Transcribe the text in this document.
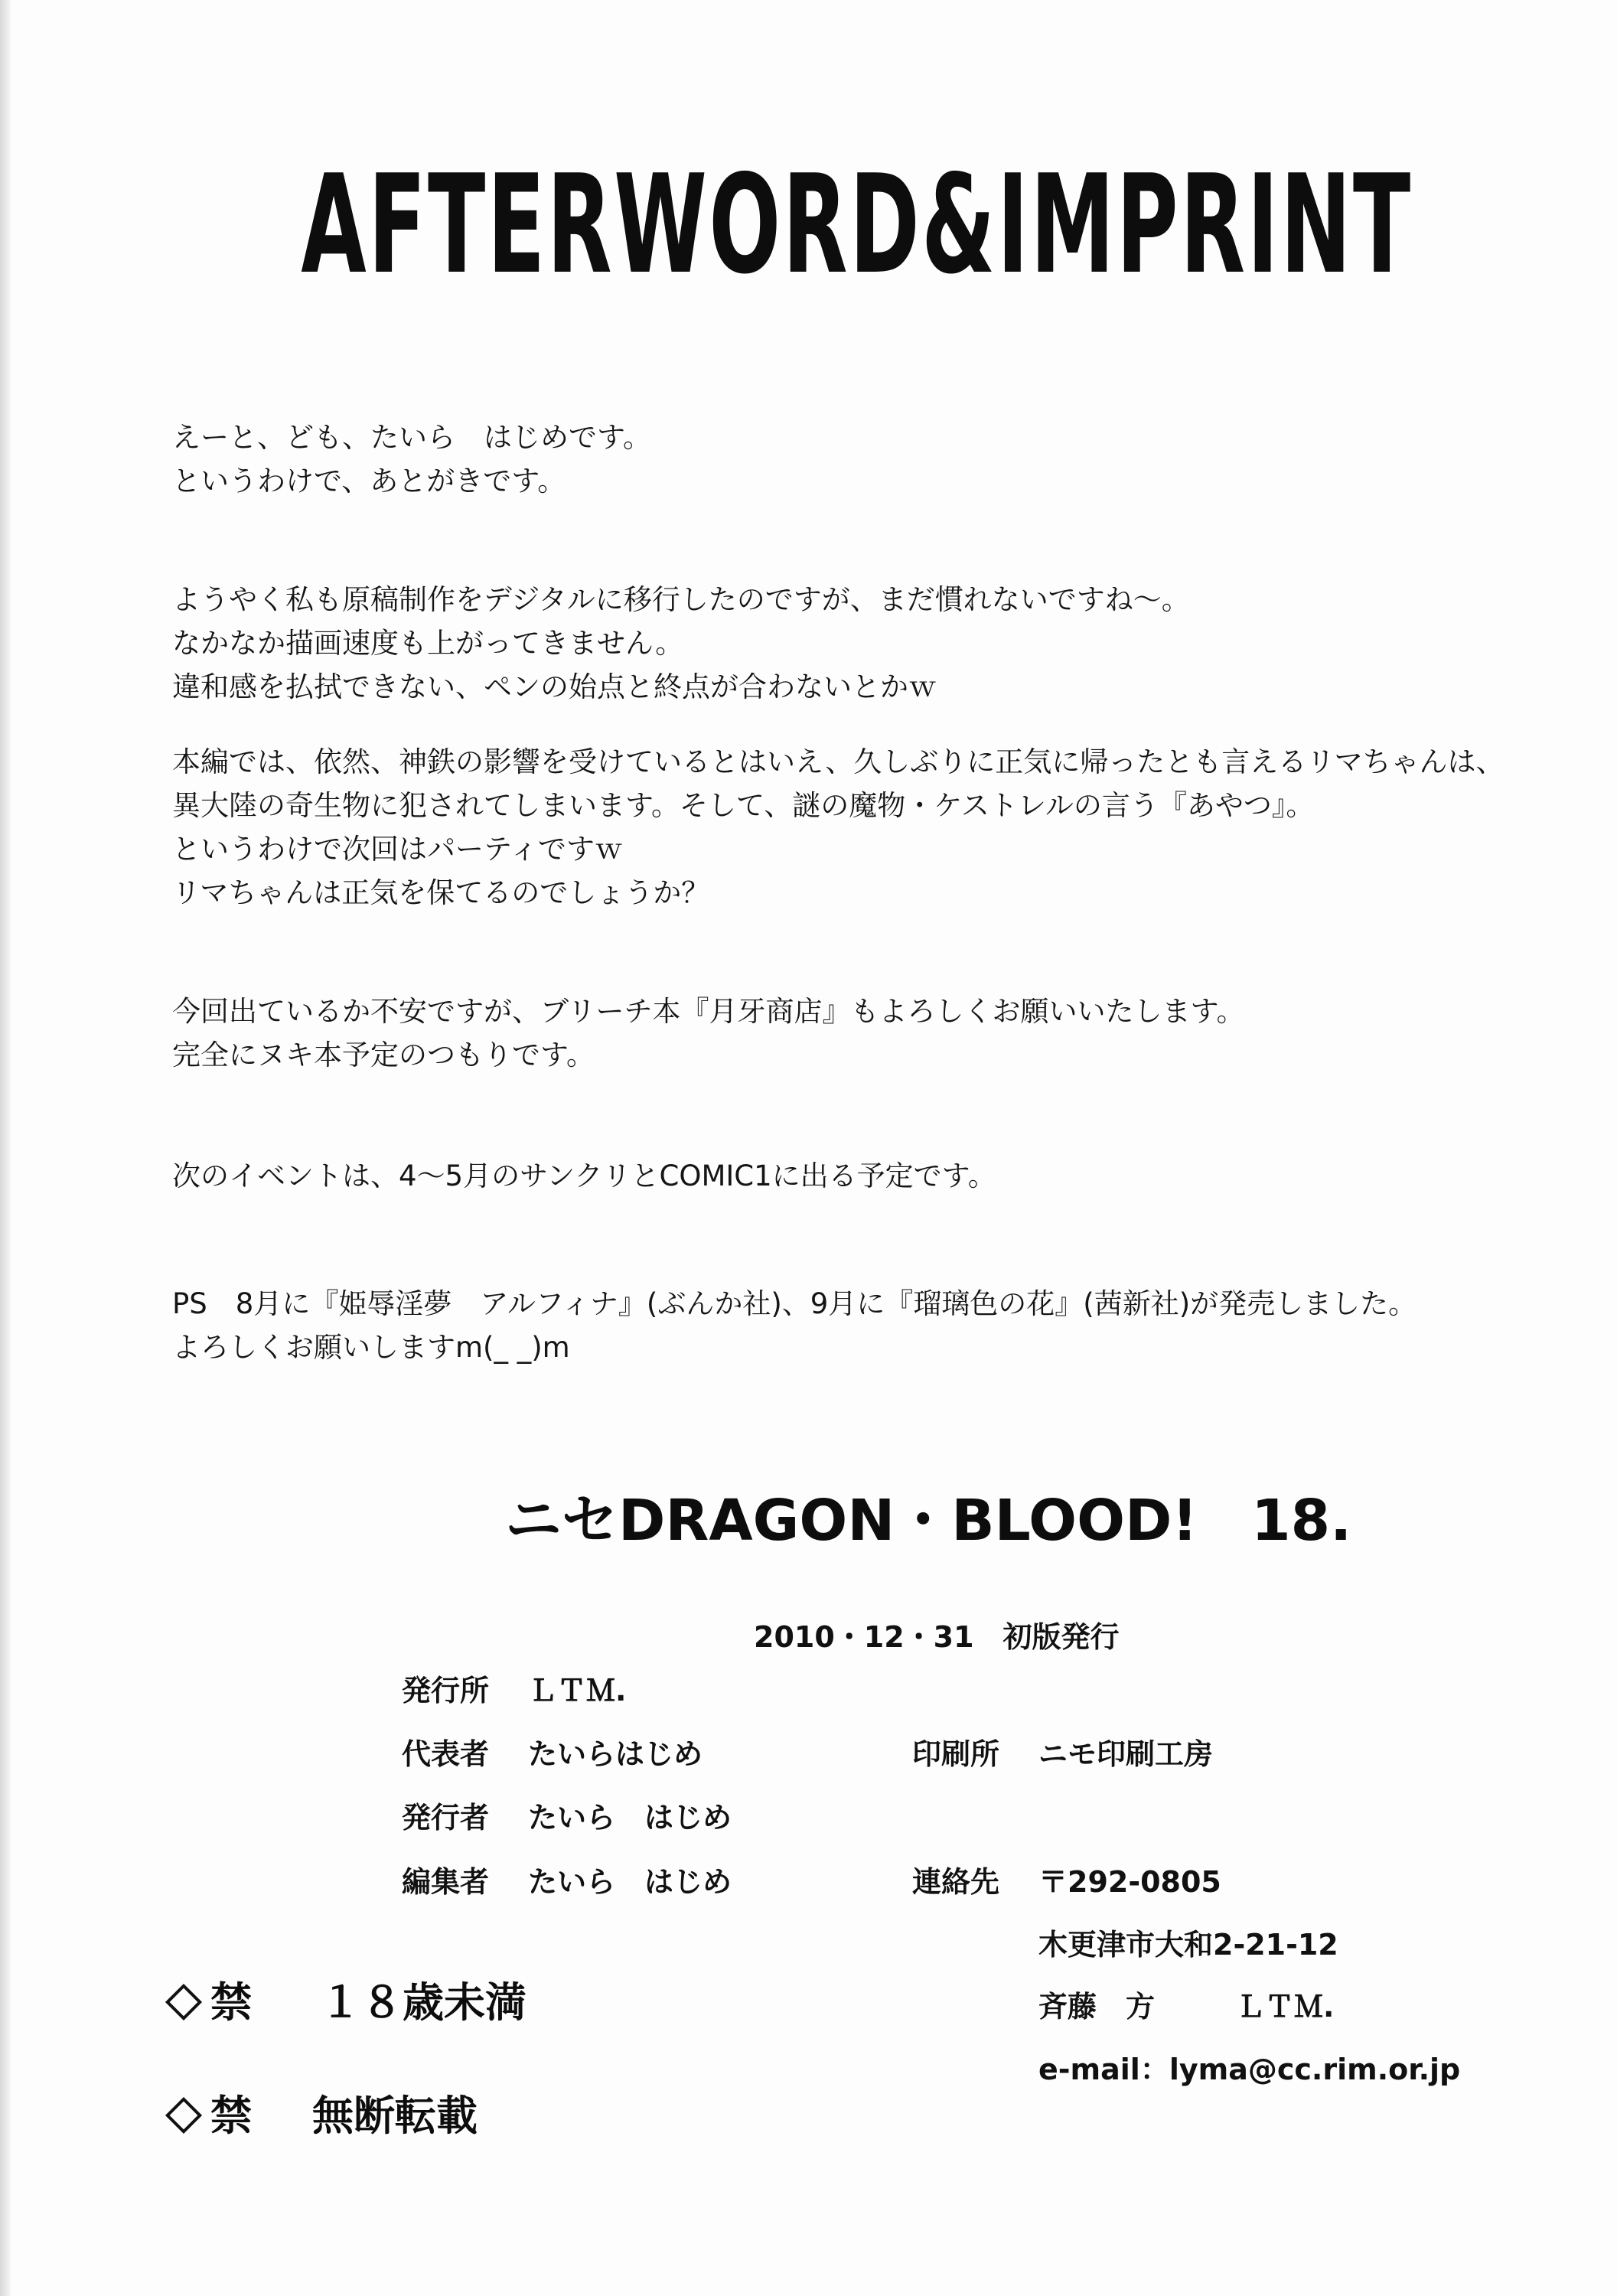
AFTERWORD&IMPRINT
えーと、ども、たいら　はじめです。
というわけで、あとがきです。
ようやく私も原稿制作をデジタルに移行したのですが、まだ慣れないですね～。
なかなか描画速度も上がってきません。
違和感を払拭できない、ペンの始点と終点が合わないとかｗ
本編では、依然、神鉄の影響を受けているとはいえ、久しぶりに正気に帰ったとも言えるリマちゃんは、
異大陸の奇生物に犯されてしまいます。そして、謎の魔物・ケストレルの言う『あやつ』。
というわけで次回はパーティですｗ
リマちゃんは正気を保てるのでしょうか？
今回出ているか不安ですが、ブリーチ本『月牙商店』もよろしくお願いいたします。
完全にヌキ本予定のつもりです。
次のイベントは、4～5月のサンクリとCOMIC1に出る予定です。
PS　8月に『姫辱淫夢　アルフィナ』(ぶんか社)、9月に『瑠璃色の花』(茜新社)が発売しました。
よろしくお願いしますm(_ _)m
ニセDRAGON・BLOOD! 18.
2010・12・31　初版発行
発行所 ＬＴＭ.
代表者 たいらはじめ	印刷所 ニモ印刷工房
発行者 たいら　はじめ
編集者 たいら　はじめ	連絡先 〒292-0805
木更津市大和2-21-12
斉藤　方	ＬＴＭ.
e-mail：lyma@cc.rim.or.jp
禁 １８歳未満
禁 無断転載
